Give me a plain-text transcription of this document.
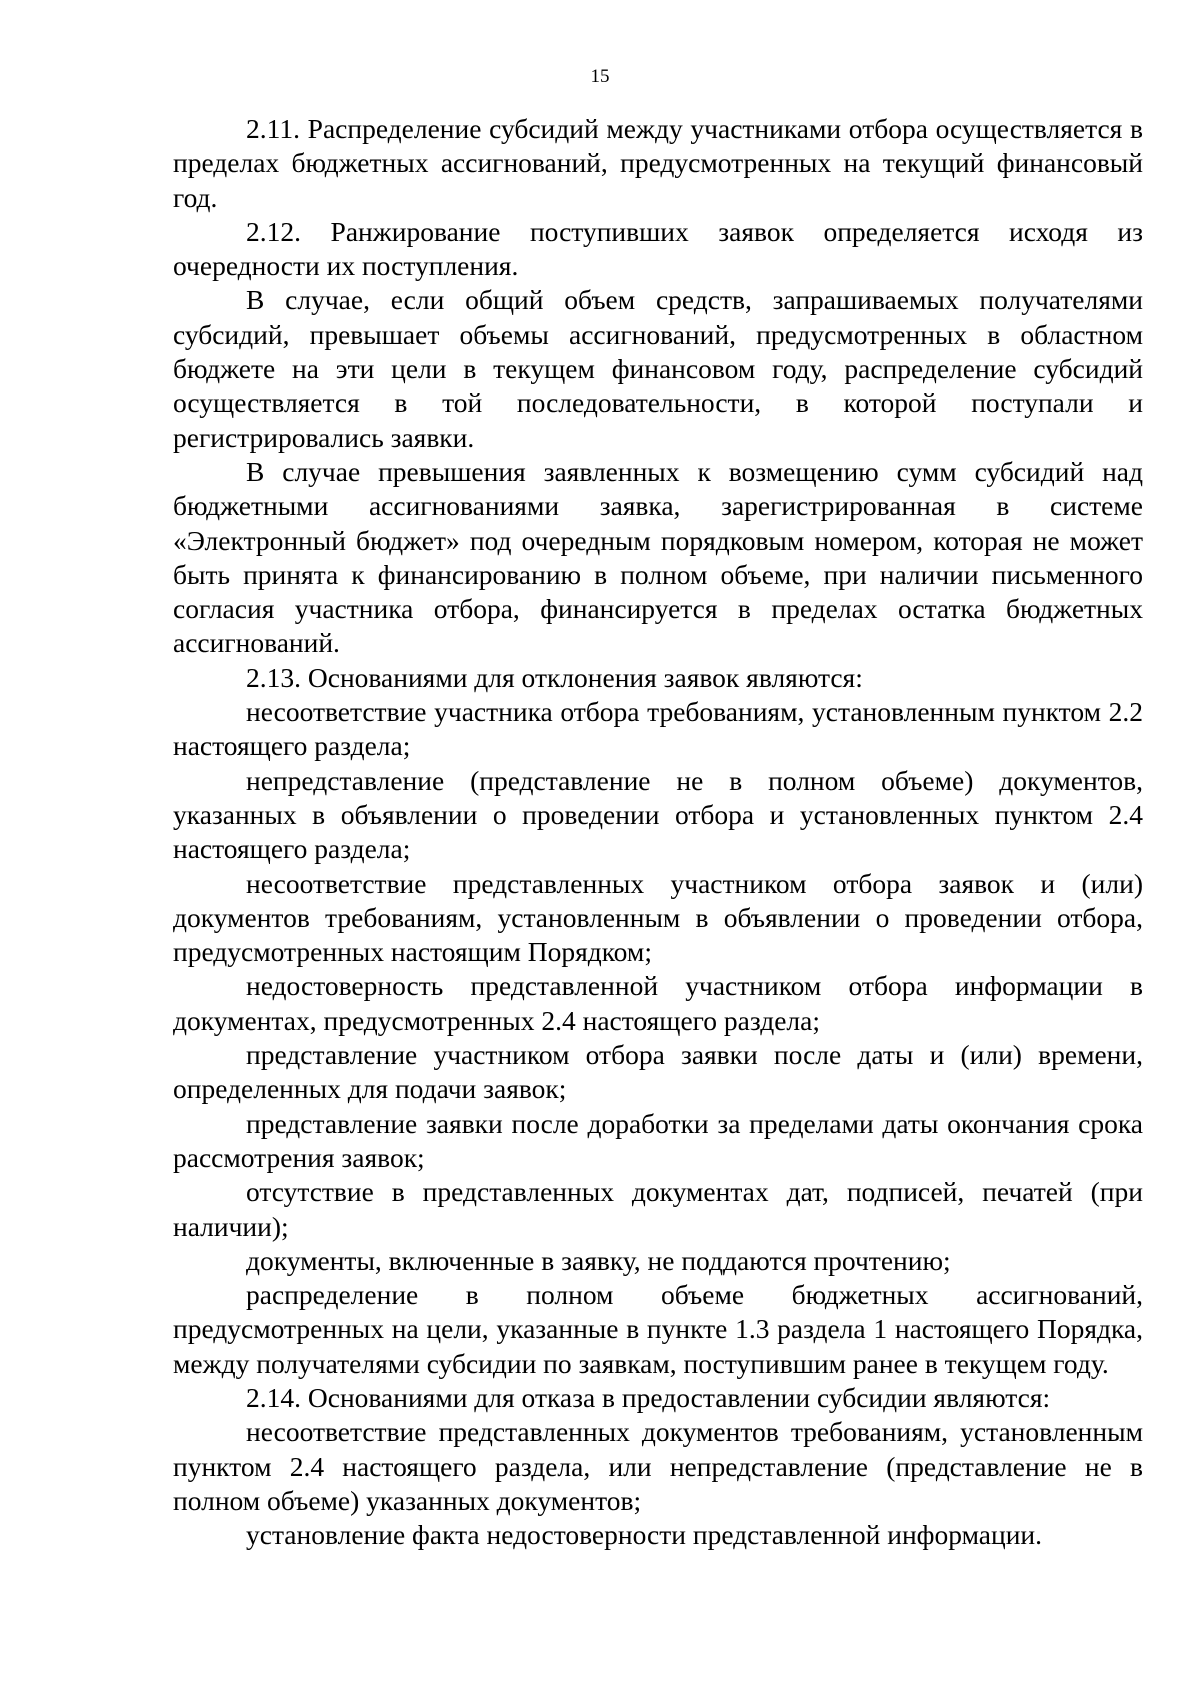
15

2.11. Распределение субсидий между участниками отбора осуществляется в пределах бюджетных ассигнований, предусмотренных на текущий финансовый год.

2.12. Ранжирование поступивших заявок определяется исходя из очередности их поступления.

В случае, если общий объем средств, запрашиваемых получателями субсидий, превышает объемы ассигнований, предусмотренных в областном бюджете на эти цели в текущем финансовом году, распределение субсидий осуществляется в той последовательности, в которой поступали и регистрировались заявки.

В случае превышения заявленных к возмещению сумм субсидий над бюджетными ассигнованиями заявка, зарегистрированная в системе «Электронный бюджет» под очередным порядковым номером, которая не может быть принята к финансированию в полном объеме, при наличии письменного согласия участника отбора, финансируется в пределах остатка бюджетных ассигнований.

2.13. Основаниями для отклонения заявок являются:

несоответствие участника отбора требованиям, установленным пунктом 2.2 настоящего раздела;

непредставление (представление не в полном объеме) документов, указанных в объявлении о проведении отбора и установленных пунктом 2.4 настоящего раздела;

несоответствие представленных участником отбора заявок и (или) документов требованиям, установленным в объявлении о проведении отбора, предусмотренных настоящим Порядком;

недостоверность представленной участником отбора информации в документах, предусмотренных 2.4 настоящего раздела;

представление участником отбора заявки после даты и (или) времени, определенных для подачи заявок;

представление заявки после доработки за пределами даты окончания срока рассмотрения заявок;

отсутствие в представленных документах дат, подписей, печатей (при наличии);

документы, включенные в заявку, не поддаются прочтению;

распределение в полном объеме бюджетных ассигнований, предусмотренных на цели, указанные в пункте 1.3 раздела 1 настоящего Порядка, между получателями субсидии по заявкам, поступившим ранее в текущем году.

2.14. Основаниями для отказа в предоставлении субсидии являются:

несоответствие представленных документов требованиям, установленным пунктом 2.4 настоящего раздела, или непредставление (представление не в полном объеме) указанных документов;

установление факта недостоверности представленной информации.
